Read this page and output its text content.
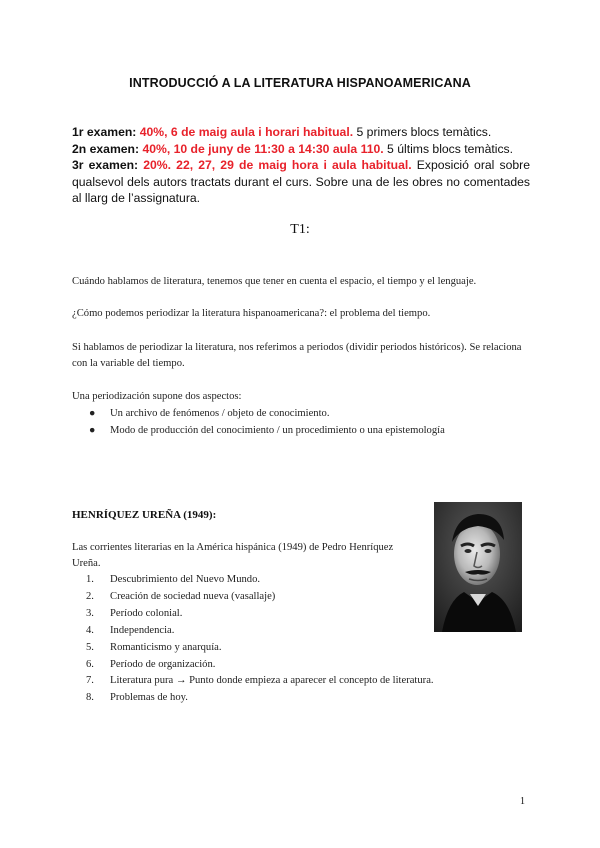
INTRODUCCIÓ A LA LITERATURA HISPANOAMERICANA

1r examen: 40%, 6 de maig aula i horari habitual. 5 primers blocs temàtics.

2n examen: 40%, 10 de juny de 11:30 a 14:30 aula 110. 5 últims blocs temàtics.

3r examen: 20%. 22, 27, 29 de maig hora i aula habitual. Exposició oral sobre qualsevol dels autors tractats durant el curs. Sobre una de les obres no comentades al llarg de l’assignatura.

T1:

Cuándo hablamos de literatura, tenemos que tener en cuenta el espacio, el tiempo y el lenguaje.

¿Cómo podemos periodizar la literatura hispanoamericana?: el problema del tiempo.

Si hablamos de periodizar la literatura, nos referimos a periodos (dividir periodos históricos). Se relaciona con la variable del tiempo.

Una periodización supone dos aspectos:

● Un archivo de fenómenos / objeto de conocimiento.
● Modo de producción del conocimiento / un procedimiento o una epistemología
HENRÍQUEZ UREÑA (1949):

Las corrientes literarias en la América hispánica (1949) de Pedro Henríquez Ureña.

1.	Descubrimiento del Nuevo Mundo.
2.	Creación de sociedad nueva (vasallaje)
3.	Período colonial.
4.	Independencia.
5.	Romanticismo y anarquía.
6.	Período de organización.
7.	Literatura pura → Punto donde empieza a aparecer el concepto de literatura.
8.	Problemas de hoy.
1
